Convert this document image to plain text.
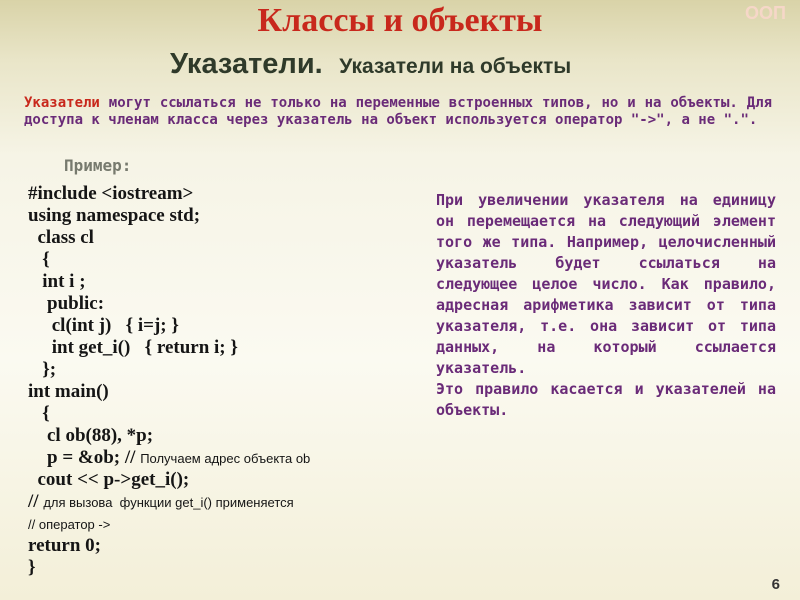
ООП
Классы и объекты
Указатели. Указатели на объекты
Указатели могут ссылаться не только на переменные встроенных типов, но и на объекты. Для доступа к членам класса через указатель на объект используется оператор "->", а не ".".
Пример:
#include <iostream>
using namespace std;
class cl
{
int i ;
public:
cl(int j)   { i=j; }
int get_i()   { return i; }
};
int main()
{
cl ob(88), *p;
p = &ob; // Получаем адрес объекта ob
cout << p->get_i();
// для вызова  функции get_i() применяется
// оператор ->
return 0;
}

При увеличении указателя на единицу он перемещается на следующий элемент того же типа. Например, целочисленный указатель будет ссылаться на следующее целое число. Как правило, адресная арифметика зависит от типа указателя, т.е. она зависит от типа данных, на который ссылается указатель.

Это правило касается и указателей на объекты.

6
